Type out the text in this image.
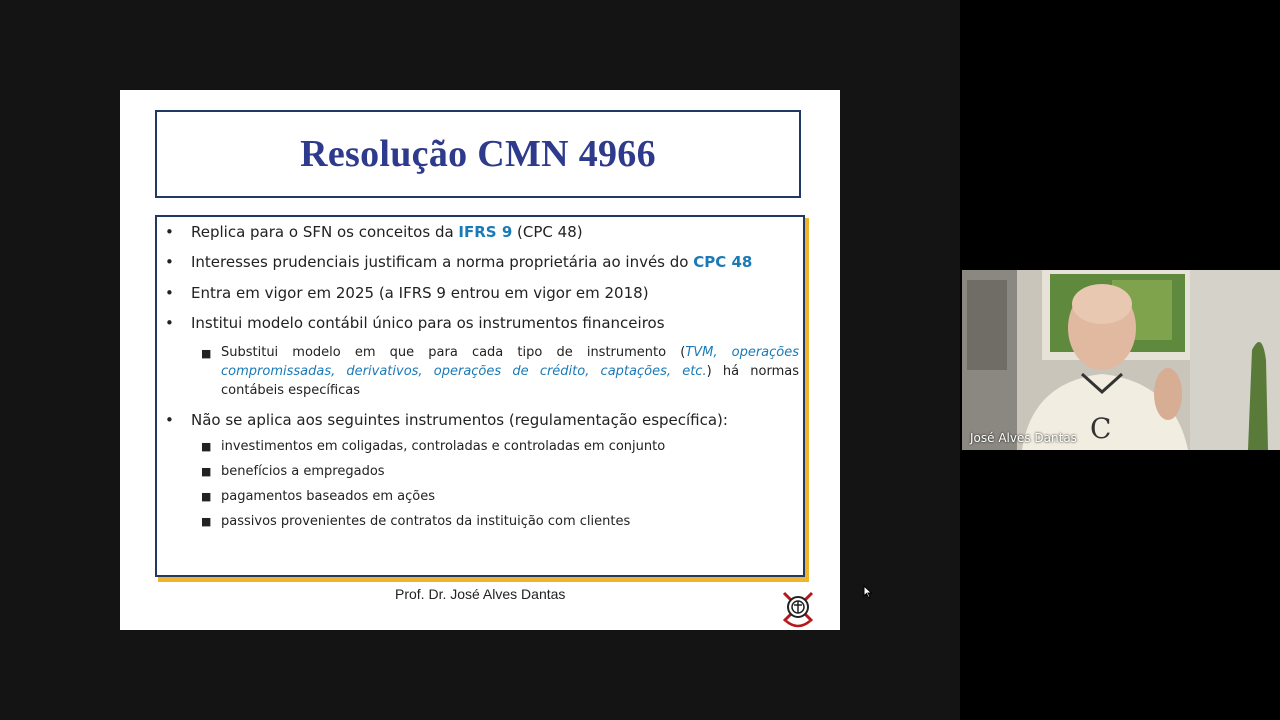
Resolução CMN 4966
• Replica para o SFN os conceitos da IFRS 9 (CPC 48)
• Interesses prudenciais justificam a norma proprietária ao invés do CPC 48
• Entra em vigor em 2025 (a IFRS 9 entrou em vigor em 2018)
• Institui modelo contábil único para os instrumentos financeiros
■ Substitui modelo em que para cada tipo de instrumento (TVM, operações compromissadas, derivativos, operações de crédito, captações, etc.) há normas contábeis específicas
• Não se aplica aos seguintes instrumentos (regulamentação específica):
■ investimentos em coligadas, controladas e controladas em conjunto
■ benefícios a empregados
■ pagamentos baseados em ações
■ passivos provenientes de contratos da instituição com clientes
Prof. Dr. José Alves Dantas
C
José Alves Dantas
